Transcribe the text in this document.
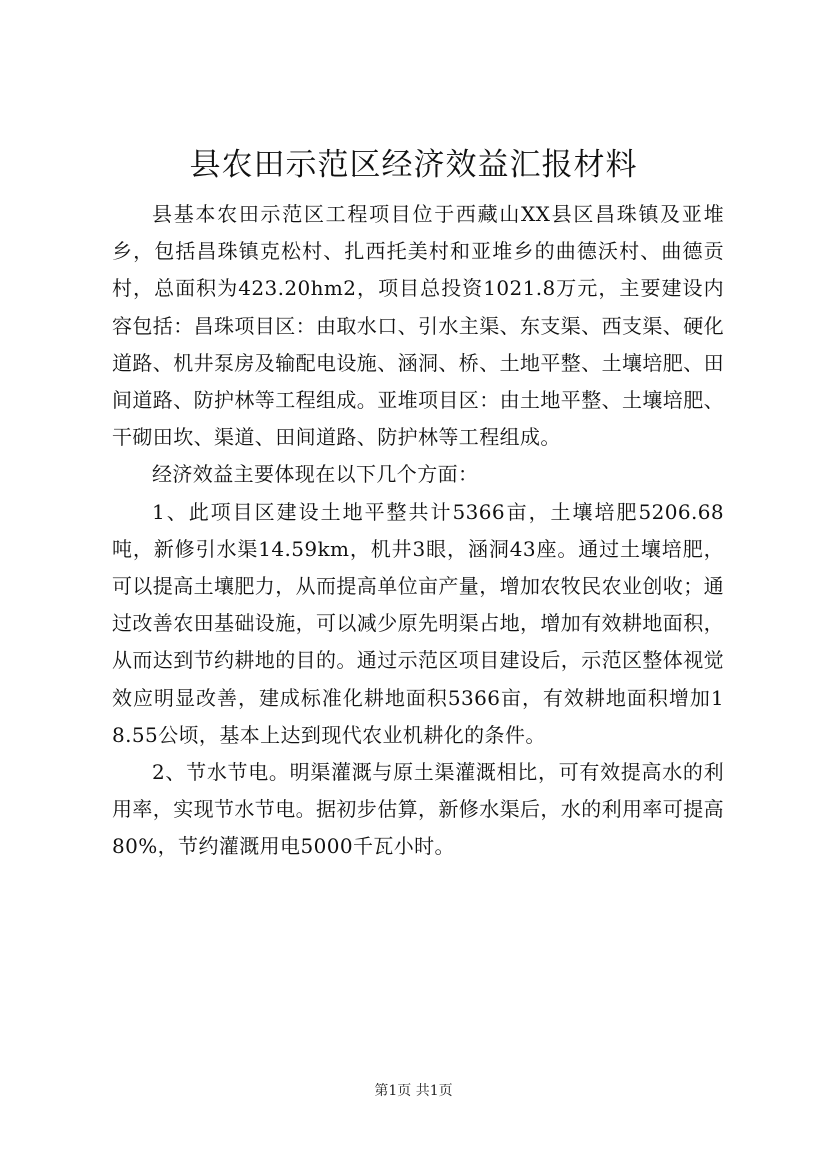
县农田示范区经济效益汇报材料

县基本农田示范区工程项目位于西藏山XX县区昌珠镇及亚堆乡，包括昌珠镇克松村、扎西托美村和亚堆乡的曲德沃村、曲德贡村，总面积为423.20hm2，项目总投资1021.8万元，主要建设内容包括：昌珠项目区：由取水口、引水主渠、东支渠、西支渠、硬化道路、机井泵房及输配电设施、涵洞、桥、土地平整、土壤培肥、田间道路、防护林等工程组成。亚堆项目区：由土地平整、土壤培肥、干砌田坎、渠道、田间道路、防护林等工程组成。

经济效益主要体现在以下几个方面：

1、此项目区建设土地平整共计5366亩，土壤培肥5206.68吨，新修引水渠14.59km，机井3眼，涵洞43座。通过土壤培肥，可以提高土壤肥力，从而提高单位亩产量，增加农牧民农业创收；通过改善农田基础设施，可以减少原先明渠占地，增加有效耕地面积，从而达到节约耕地的目的。通过示范区项目建设后，示范区整体视觉效应明显改善，建成标准化耕地面积5366亩，有效耕地面积增加18.55公顷，基本上达到现代农业机耕化的条件。

2、节水节电。明渠灌溉与原土渠灌溉相比，可有效提高水的利用率，实现节水节电。据初步估算，新修水渠后，水的利用率可提高80%，节约灌溉用电5000千瓦小时。

第1页 共1页
